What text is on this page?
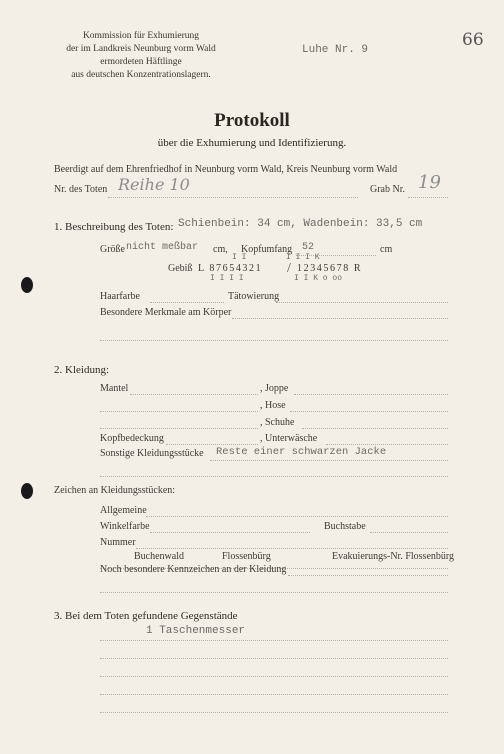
Kommission für Exhumierung
der im Landkreis Neunburg vorm Wald
ermordeten Häftlinge
aus deutschen Konzentrationslagern.
Luhe Nr. 9	66
Protokoll
über die Exhumierung und Identifizierung.
Beerdigt auf dem Ehrenfriedhof in Neunburg vorm Wald, Kreis Neunburg vorm Wald
Nr. des Toten Reihe 10	Grab Nr. 19
1. Beschreibung des Toten: Schienbein: 34 cm, Wadenbein: 33,5 cm
Größe nicht meßbar cm, Kopfumfang 52	cm
I I	I I I K
Gebiß L 87654321 / 12345678 R
I I I I	I I K o oo
Haarfarbe	Tätowierung
Besondere Merkmale am Körper
2. Kleidung:
Mantel	, Joppe
, Hose
, Schuhe
Kopfbedeckung	, Unterwäsche
Sonstige Kleidungsstücke Reste einer schwarzen Jacke
Zeichen an Kleidungsstücken:
Allgemeine
Winkelfarbe	Buchstabe
Nummer
Buchenwald	Flossenbürg	Evakuierungs-Nr. Flossenbürg
Noch besondere Kennzeichen an der Kleidung
3. Bei dem Toten gefundene Gegenstände
1 Taschenmesser
